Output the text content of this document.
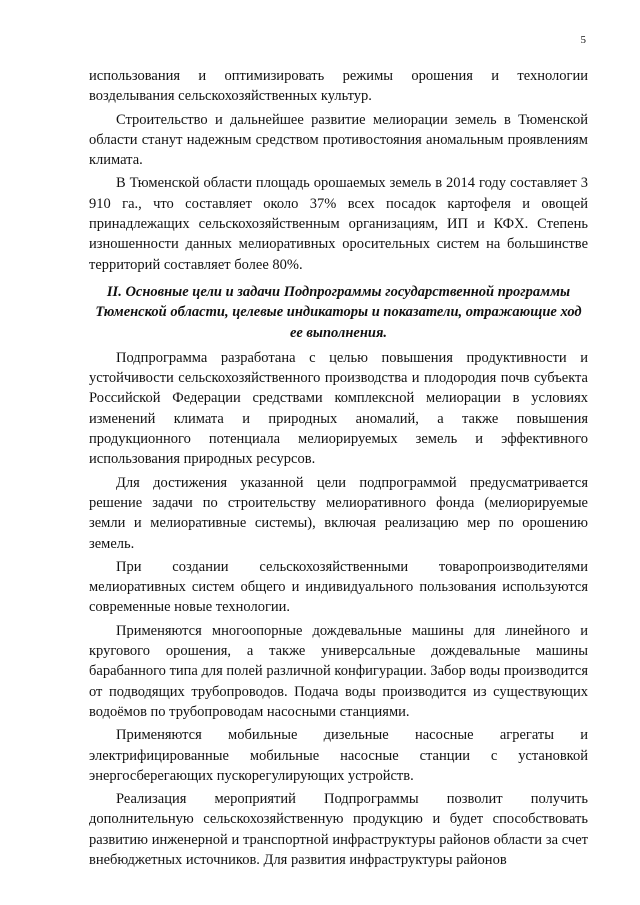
5

использования и оптимизировать режимы орошения и технологии возделывания сельскохозяйственных культур.

Строительство и дальнейшее развитие мелиорации земель в Тюменской области станут надежным средством противостояния аномальным проявлениям климата.

В Тюменской области площадь орошаемых земель в 2014 году составляет 3 910 га., что составляет около 37% всех посадок картофеля и овощей принадлежащих сельскохозяйственным организациям, ИП и КФХ. Степень изношенности данных мелиоративных оросительных систем на большинстве территорий составляет более 80%.

II. Основные цели и задачи Подпрограммы государственной программы Тюменской области, целевые индикаторы и показатели, отражающие ход ее выполнения.

Подпрограмма разработана с целью повышения продуктивности и устойчивости сельскохозяйственного производства и плодородия почв субъекта Российской Федерации средствами комплексной мелиорации в условиях изменений климата и природных аномалий, а также повышения продукционного потенциала мелиорируемых земель и эффективного использования природных ресурсов.

Для достижения указанной цели подпрограммой предусматривается решение задачи по строительству мелиоративного фонда (мелиорируемые земли и мелиоративные системы), включая реализацию мер по орошению земель.

При создании сельскохозяйственными товаропроизводителями мелиоративных систем общего и индивидуального пользования используются современные новые технологии.

Применяются многоопорные дождевальные машины для линейного и кругового орошения, а также универсальные дождевальные машины барабанного типа для полей различной конфигурации. Забор воды производится от подводящих трубопроводов. Подача воды производится из существующих водоёмов по трубопроводам насосными станциями.

Применяются мобильные дизельные насосные агрегаты и электрифицированные мобильные насосные станции с установкой энергосберегающих пускорегулирующих устройств.

Реализация мероприятий Подпрограммы позволит получить дополнительную сельскохозяйственную продукцию и будет способствовать развитию инженерной и транспортной инфраструктуры районов области за счет внебюджетных источников. Для развития инфраструктуры районов
